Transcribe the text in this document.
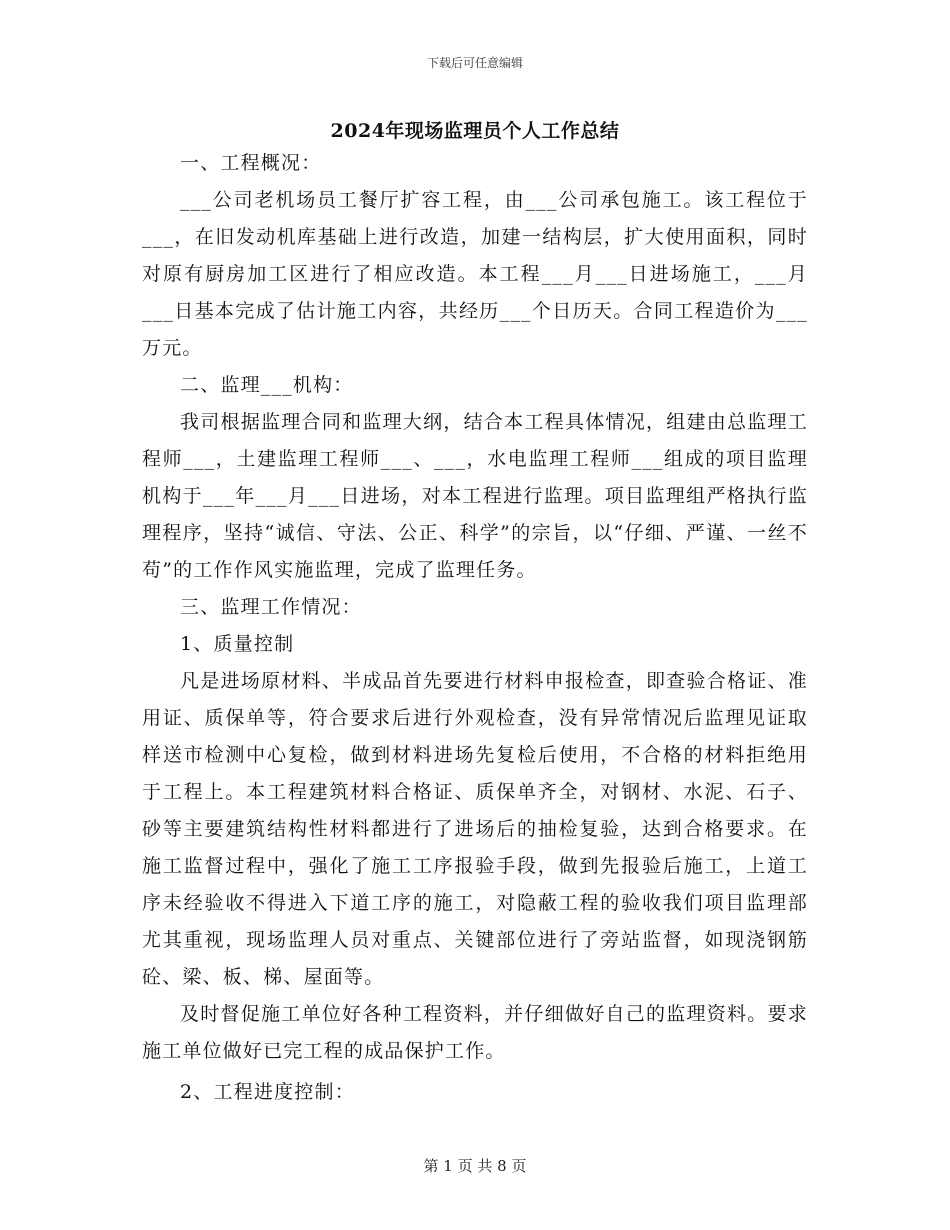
下载后可任意编辑
2024年现场监理员个人工作总结

一、工程概况：

___公司老机场员工餐厅扩容工程，由___公司承包施工。该工程位于___，在旧发动机库基础上进行改造，加建一结构层，扩大使用面积，同时对原有厨房加工区进行了相应改造。本工程___月___日进场施工，___月___日基本完成了估计施工内容，共经历___个日历天。合同工程造价为___万元。

二、监理___机构：

我司根据监理合同和监理大纲，结合本工程具体情况，组建由总监理工程师___，土建监理工程师___、___，水电监理工程师___组成的项目监理机构于___年___月___日进场，对本工程进行监理。项目监理组严格执行监理程序，坚持“诚信、守法、公正、科学”的宗旨，以“仔细、严谨、一丝不苟”的工作作风实施监理，完成了监理任务。

三、监理工作情况：

1、质量控制

凡是进场原材料、半成品首先要进行材料申报检查，即查验合格证、准用证、质保单等，符合要求后进行外观检查，没有异常情况后监理见证取样送市检测中心复检，做到材料进场先复检后使用，不合格的材料拒绝用于工程上。本工程建筑材料合格证、质保单齐全，对钢材、水泥、石子、砂等主要建筑结构性材料都进行了进场后的抽检复验，达到合格要求。在施工监督过程中，强化了施工工序报验手段，做到先报验后施工，上道工序未经验收不得进入下道工序的施工，对隐蔽工程的验收我们项目监理部尤其重视，现场监理人员对重点、关键部位进行了旁站监督，如现浇钢筋砼、梁、板、梯、屋面等。

及时督促施工单位好各种工程资料，并仔细做好自己的监理资料。要求施工单位做好已完工程的成品保护工作。

2、工程进度控制：

第 1 页 共 8 页
